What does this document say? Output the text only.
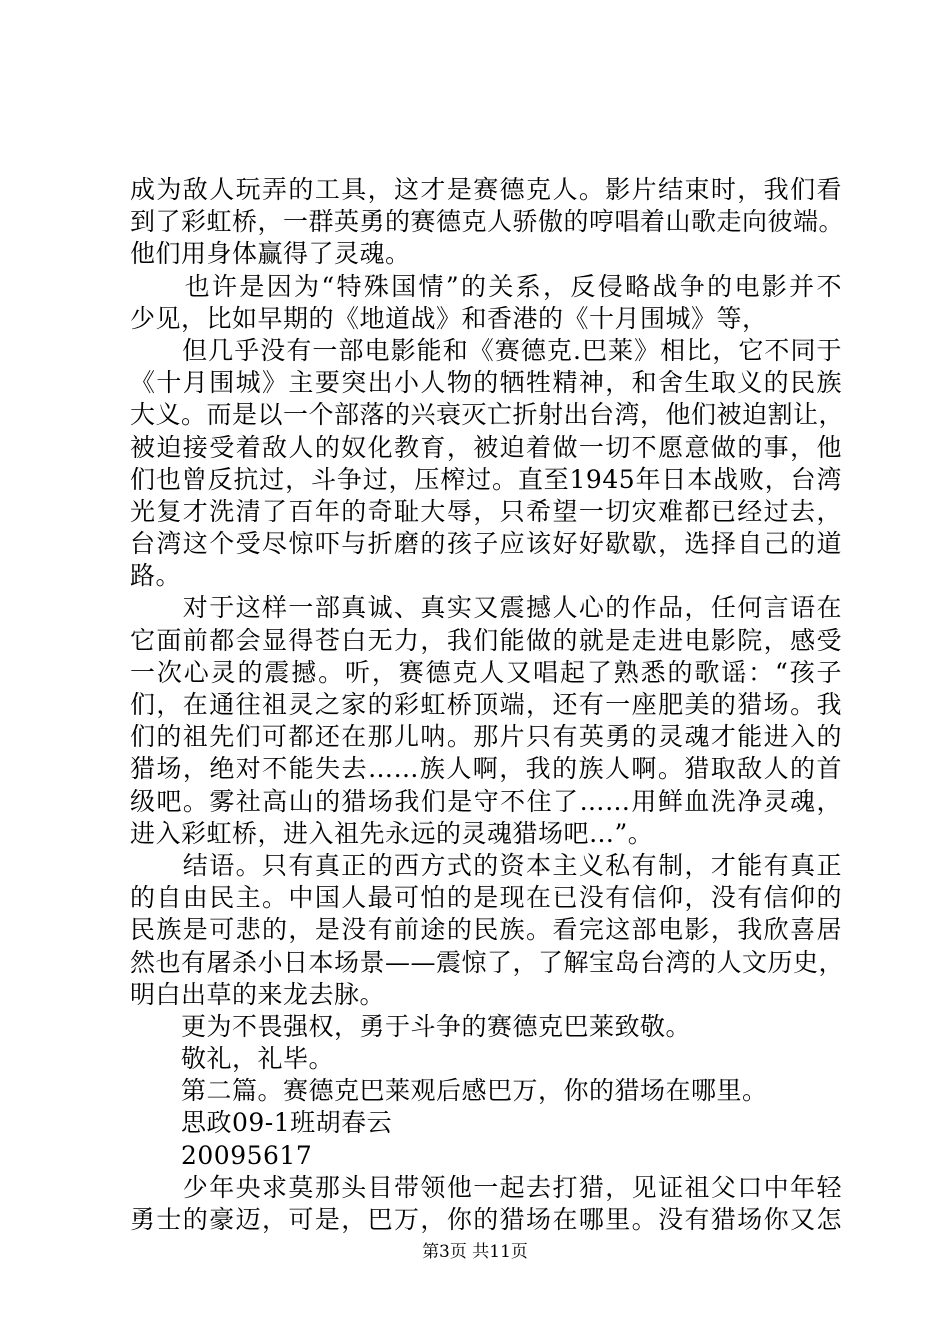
成为敌人玩弄的工具，这才是赛德克人。影片结束时，我们看
到了彩虹桥，一群英勇的赛德克人骄傲的哼唱着山歌走向彼端。
他们用身体赢得了灵魂。
　　也许是因为“特殊国情”的关系，反侵略战争的电影并不
少见，比如早期的《地道战》和香港的《十月围城》等，
　　但几乎没有一部电影能和《赛德克.巴莱》相比，它不同于
《十月围城》主要突出小人物的牺牲精神，和舍生取义的民族
大义。而是以一个部落的兴衰灭亡折射出台湾，他们被迫割让，
被迫接受着敌人的奴化教育，被迫着做一切不愿意做的事，他
们也曾反抗过，斗争过，压榨过。直至1945年日本战败，台湾
光复才洗清了百年的奇耻大辱，只希望一切灾难都已经过去，
台湾这个受尽惊吓与折磨的孩子应该好好歇歇，选择自己的道
路。
　　对于这样一部真诚、真实又震撼人心的作品，任何言语在
它面前都会显得苍白无力，我们能做的就是走进电影院，感受
一次心灵的震撼。听，赛德克人又唱起了熟悉的歌谣：“孩子
们，在通往祖灵之家的彩虹桥顶端，还有一座肥美的猎场。我
们的祖先们可都还在那儿呐。那片只有英勇的灵魂才能进入的
猎场，绝对不能失去……族人啊，我的族人啊。猎取敌人的首
级吧。雾社高山的猎场我们是守不住了……用鲜血洗净灵魂，
进入彩虹桥，进入祖先永远的灵魂猎场吧…”。
　　结语。只有真正的西方式的资本主义私有制，才能有真正
的自由民主。中国人最可怕的是现在已没有信仰，没有信仰的
民族是可悲的，是没有前途的民族。看完这部电影，我欣喜居
然也有屠杀小日本场景——震惊了，了解宝岛台湾的人文历史，
明白出草的来龙去脉。
　　更为不畏强权，勇于斗争的赛德克巴莱致敬。
　　敬礼，礼毕。
　　第二篇。赛德克巴莱观后感巴万，你的猎场在哪里。
　　思政09-1班胡春云
　　20095617
　　少年央求莫那头目带领他一起去打猎，见证祖父口中年轻
勇士的豪迈，可是，巴万，你的猎场在哪里。没有猎场你又怎
第3页 共11页
